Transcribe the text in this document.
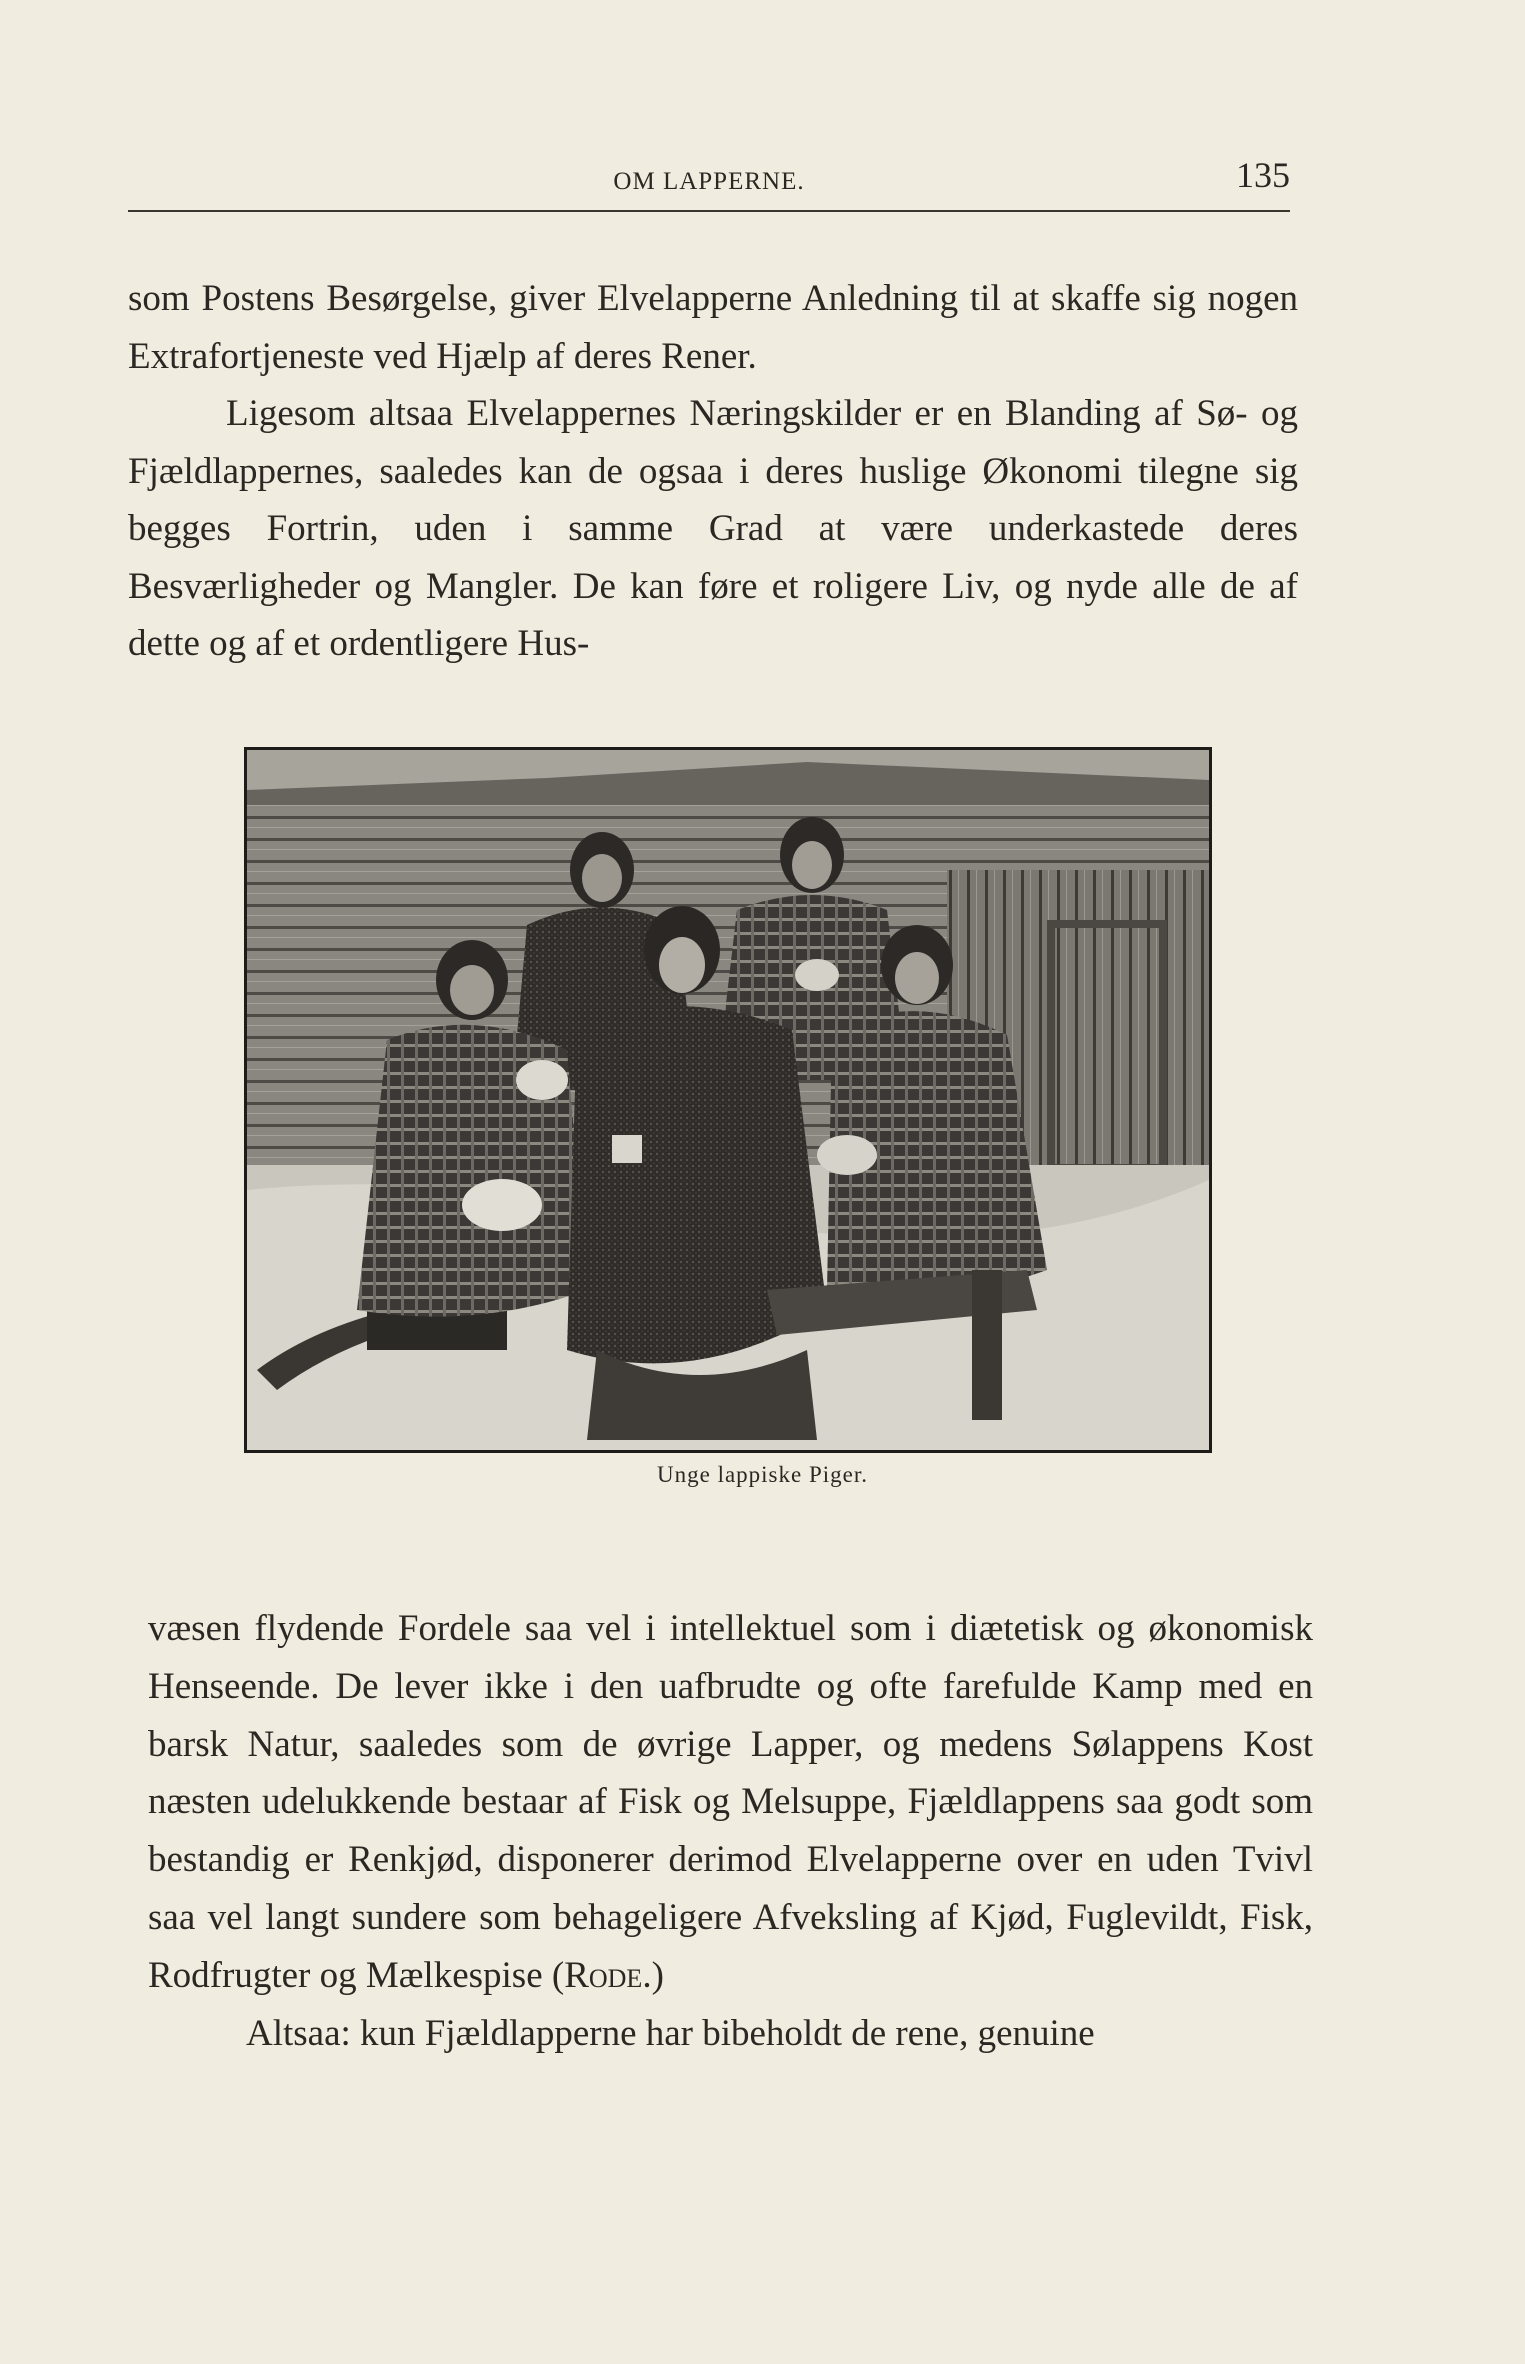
OM LAPPERNE.	135

som Postens Besørgelse, giver Elvelapperne Anledning til at skaffe sig nogen Extrafortjeneste ved Hjælp af deres Rener.

Ligesom altsaa Elvelappernes Næringskilder er en Blanding af Sø- og Fjældlappernes, saaledes kan de ogsaa i deres huslige Økonomi tilegne sig begges Fortrin, uden i samme Grad at være underkastede deres Besværligheder og Mangler. De kan føre et roligere Liv, og nyde alle de af dette og af et ordentligere Hus-

Unge lappiske Piger.

væsen flydende Fordele saa vel i intellektuel som i diætetisk og økonomisk Henseende. De lever ikke i den uafbrudte og ofte farefulde Kamp med en barsk Natur, saaledes som de øvrige Lapper, og medens Sølappens Kost næsten udelukkende bestaar af Fisk og Melsuppe, Fjældlappens saa godt som bestandig er Renkjød, disponerer derimod Elvelapperne over en uden Tvivl saa vel langt sundere som behageligere Afveksling af Kjød, Fuglevildt, Fisk, Rodfrugter og Mælkespise (Rode.)

Altsaa: kun Fjældlapperne har bibeholdt de rene, genuine
